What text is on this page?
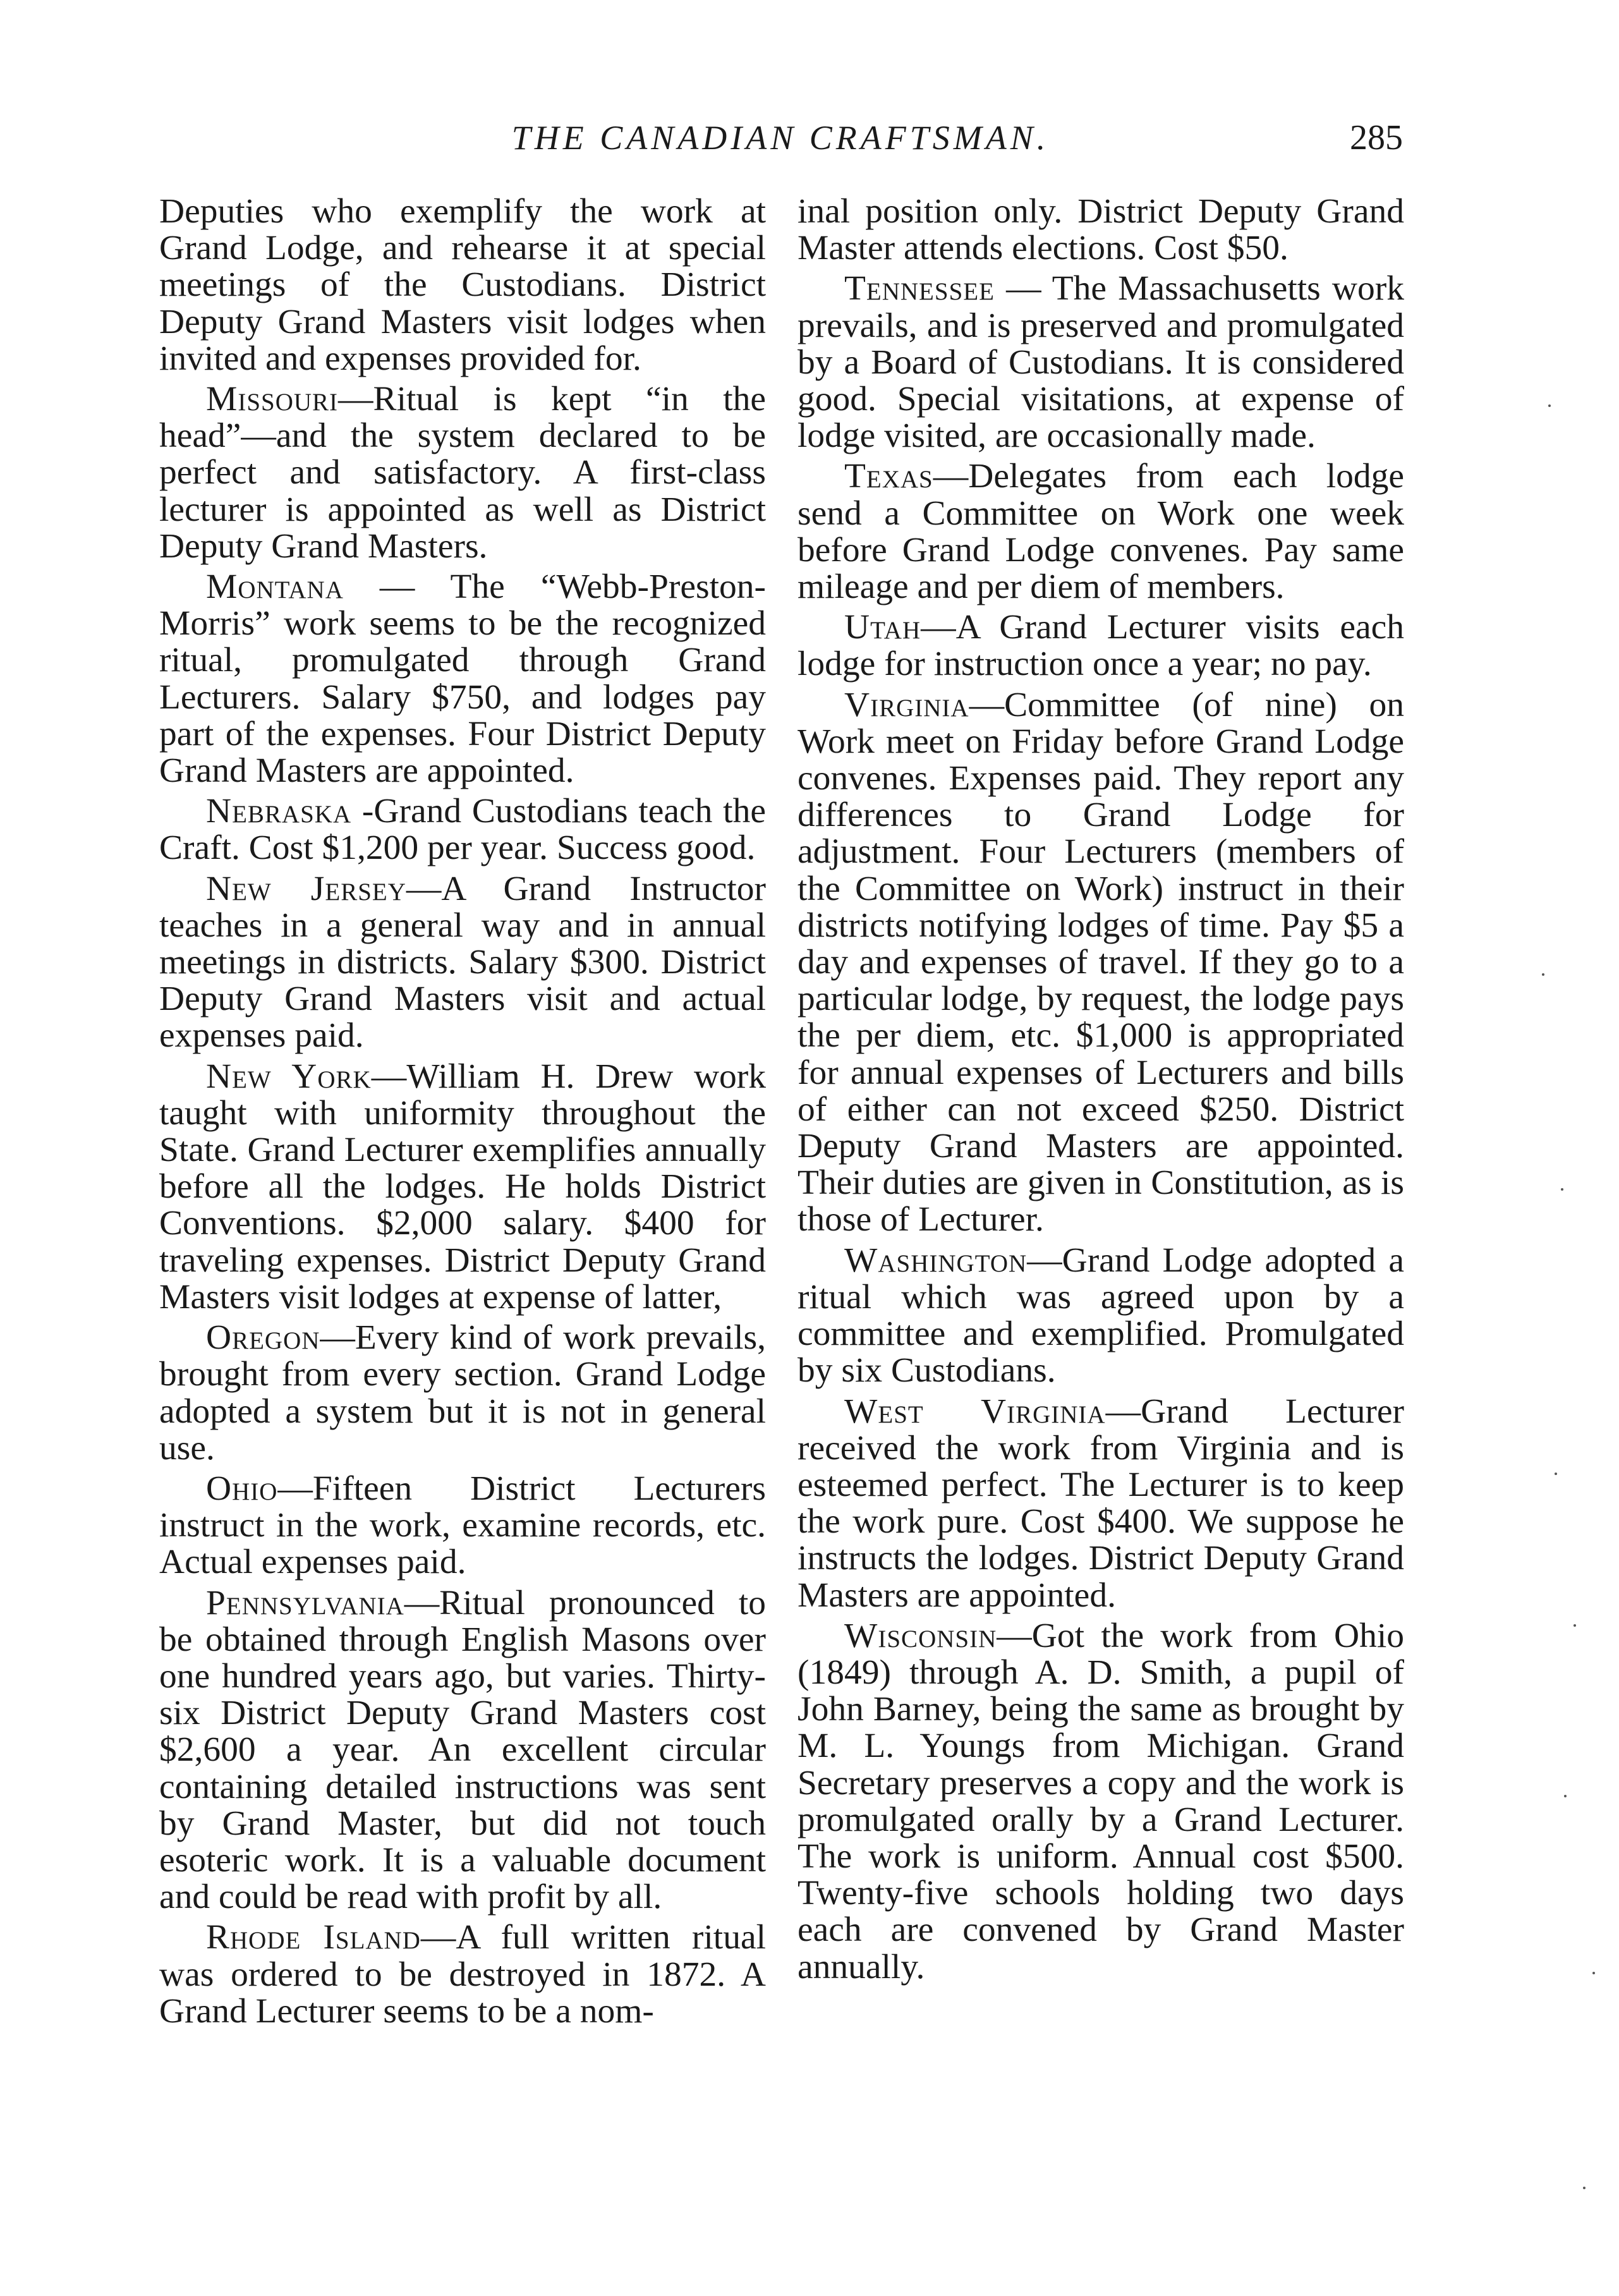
THE CANADIAN CRAFTSMAN.	285

Deputies who exemplify the work at Grand Lodge, and rehearse it at special meetings of the Custodians. District Deputy Grand Masters visit lodges when invited and expenses provided for.

Missouri—Ritual is kept “in the head”—and the system declared to be perfect and satisfactory. A first-class lecturer is appointed as well as District Deputy Grand Masters.

Montana — The “Webb-Preston-Morris” work seems to be the recognized ritual, promulgated through Grand Lecturers. Salary $750, and lodges pay part of the expenses. Four District Deputy Grand Masters are appointed.

Nebraska -Grand Custodians teach the Craft. Cost $1,200 per year. Success good.

New Jersey—A Grand Instructor teaches in a general way and in annual meetings in districts. Salary $300. District Deputy Grand Masters visit and actual expenses paid.

New York—William H. Drew work taught with uniformity throughout the State. Grand Lecturer exemplifies annually before all the lodges. He holds District Conventions. $2,000 salary. $400 for traveling expenses. District Deputy Grand Masters visit lodges at expense of latter,

Oregon—Every kind of work prevails, brought from every section. Grand Lodge adopted a system but it is not in general use.

Ohio—Fifteen District Lecturers instruct in the work, examine records, etc. Actual expenses paid.

Pennsylvania—Ritual pronounced to be obtained through English Masons over one hundred years ago, but varies. Thirty-six District Deputy Grand Masters cost $2,600 a year. An excellent circular containing detailed instructions was sent by Grand Master, but did not touch esoteric work. It is a valuable document and could be read with profit by all.

Rhode Island—A full written ritual was ordered to be destroyed in 1872. A Grand Lecturer seems to be a nom-

inal position only. District Deputy Grand Master attends elections. Cost $50.

Tennessee — The Massachusetts work prevails, and is preserved and promulgated by a Board of Custodians. It is considered good. Special visitations, at expense of lodge visited, are occasionally made.

Texas—Delegates from each lodge send a Committee on Work one week before Grand Lodge convenes. Pay same mileage and per diem of members.

Utah—A Grand Lecturer visits each lodge for instruction once a year; no pay.

Virginia—Committee (of nine) on Work meet on Friday before Grand Lodge convenes. Expenses paid. They report any differences to Grand Lodge for adjustment. Four Lecturers (members of the Committee on Work) instruct in their districts notifying lodges of time. Pay $5 a day and expenses of travel. If they go to a particular lodge, by request, the lodge pays the per diem, etc. $1,000 is appropriated for annual expenses of Lecturers and bills of either can not exceed $250. District Deputy Grand Masters are appointed. Their duties are given in Constitution, as is those of Lecturer.

Washington—Grand Lodge adopted a ritual which was agreed upon by a committee and exemplified. Promulgated by six Custodians.

West Virginia—Grand Lecturer received the work from Virginia and is esteemed perfect. The Lecturer is to keep the work pure. Cost $400. We suppose he instructs the lodges. District Deputy Grand Masters are appointed.

Wisconsin—Got the work from Ohio (1849) through A. D. Smith, a pupil of John Barney, being the same as brought by M. L. Youngs from Michigan. Grand Secretary preserves a copy and the work is promulgated orally by a Grand Lecturer. The work is uniform. Annual cost $500. Twenty-five schools holding two days each are convened by Grand Master annually.
